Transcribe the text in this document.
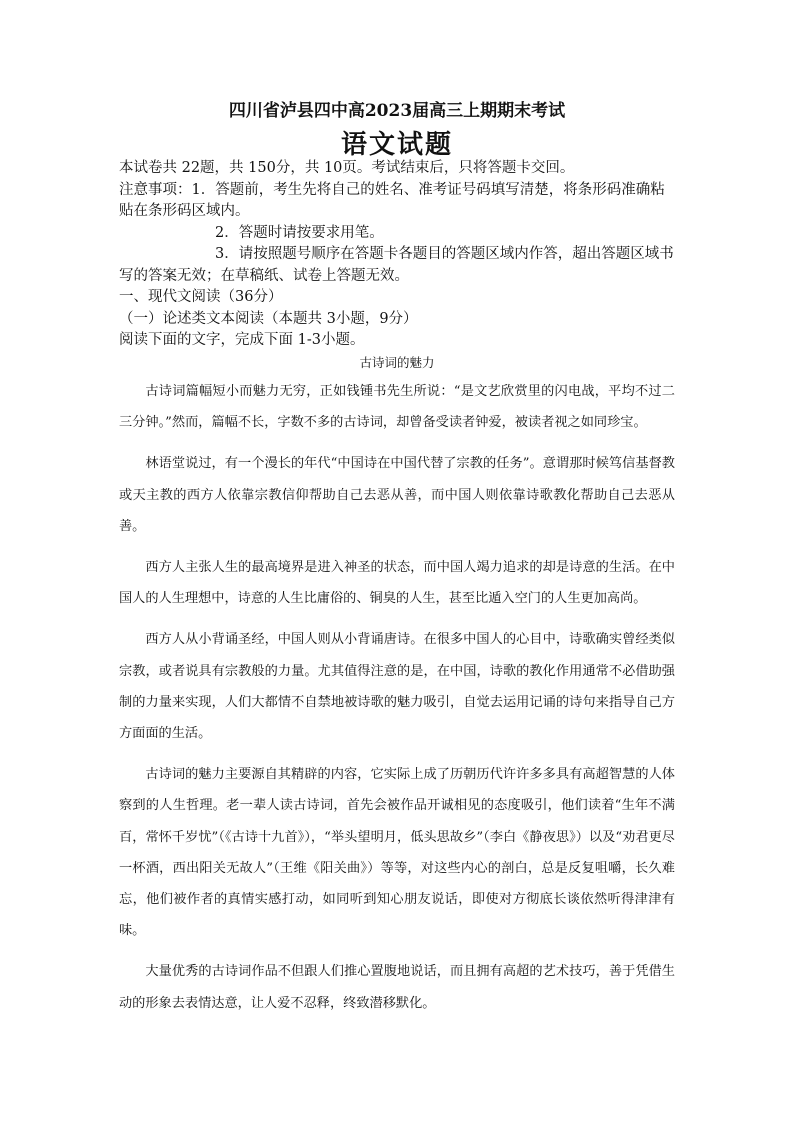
四川省泸县四中高2023届高三上期期末考试
语文试题

本试卷共 22题，共 150分，共 10页。考试结束后，只将答题卡交回。

注意事项：1．答题前，考生先将自己的姓名、准考证号码填写清楚，将条形码准确粘贴在条形码区域内。

2．答题时请按要求用笔。

3．请按照题号顺序在答题卡各题目的答题区域内作答，超出答题区域书写的答案无效；在草稿纸、试卷上答题无效。

一、现代文阅读（36分）

（一）论述类文本阅读（本题共 3小题，9分）

阅读下面的文字，完成下面 1-3小题。

古诗词的魅力

古诗词篇幅短小而魅力无穷，正如钱锺书先生所说：“是文艺欣赏里的闪电战，平均不过二三分钟。”然而，篇幅不长，字数不多的古诗词，却曾备受读者钟爱，被读者视之如同珍宝。

林语堂说过，有一个漫长的年代“中国诗在中国代替了宗教的任务”。意谓那时候笃信基督教或天主教的西方人依靠宗教信仰帮助自己去恶从善，而中国人则依靠诗歌教化帮助自己去恶从善。

西方人主张人生的最高境界是进入神圣的状态，而中国人竭力追求的却是诗意的生活。在中国人的人生理想中，诗意的人生比庸俗的、铜臭的人生，甚至比遁入空门的人生更加高尚。

西方人从小背诵圣经，中国人则从小背诵唐诗。在很多中国人的心目中，诗歌确实曾经类似宗教，或者说具有宗教般的力量。尤其值得注意的是，在中国，诗歌的教化作用通常不必借助强制的力量来实现，人们大都情不自禁地被诗歌的魅力吸引，自觉去运用记诵的诗句来指导自己方方面面的生活。

古诗词的魅力主要源自其精辟的内容，它实际上成了历朝历代许许多多具有高超智慧的人体察到的人生哲理。老一辈人读古诗词，首先会被作品开诚相见的态度吸引，他们读着“生年不满百，常怀千岁忧”（《古诗十九首》），“举头望明月，低头思故乡”（李白《静夜思》）以及“劝君更尽一杯酒，西出阳关无故人”（王维《阳关曲》）等等，对这些内心的剖白，总是反复咀嚼，长久难忘，他们被作者的真情实感打动，如同听到知心朋友说话，即使对方彻底长谈依然听得津津有味。

大量优秀的古诗词作品不但跟人们推心置腹地说话，而且拥有高超的艺术技巧，善于凭借生动的形象去表情达意，让人爱不忍释，终致潜移默化。
